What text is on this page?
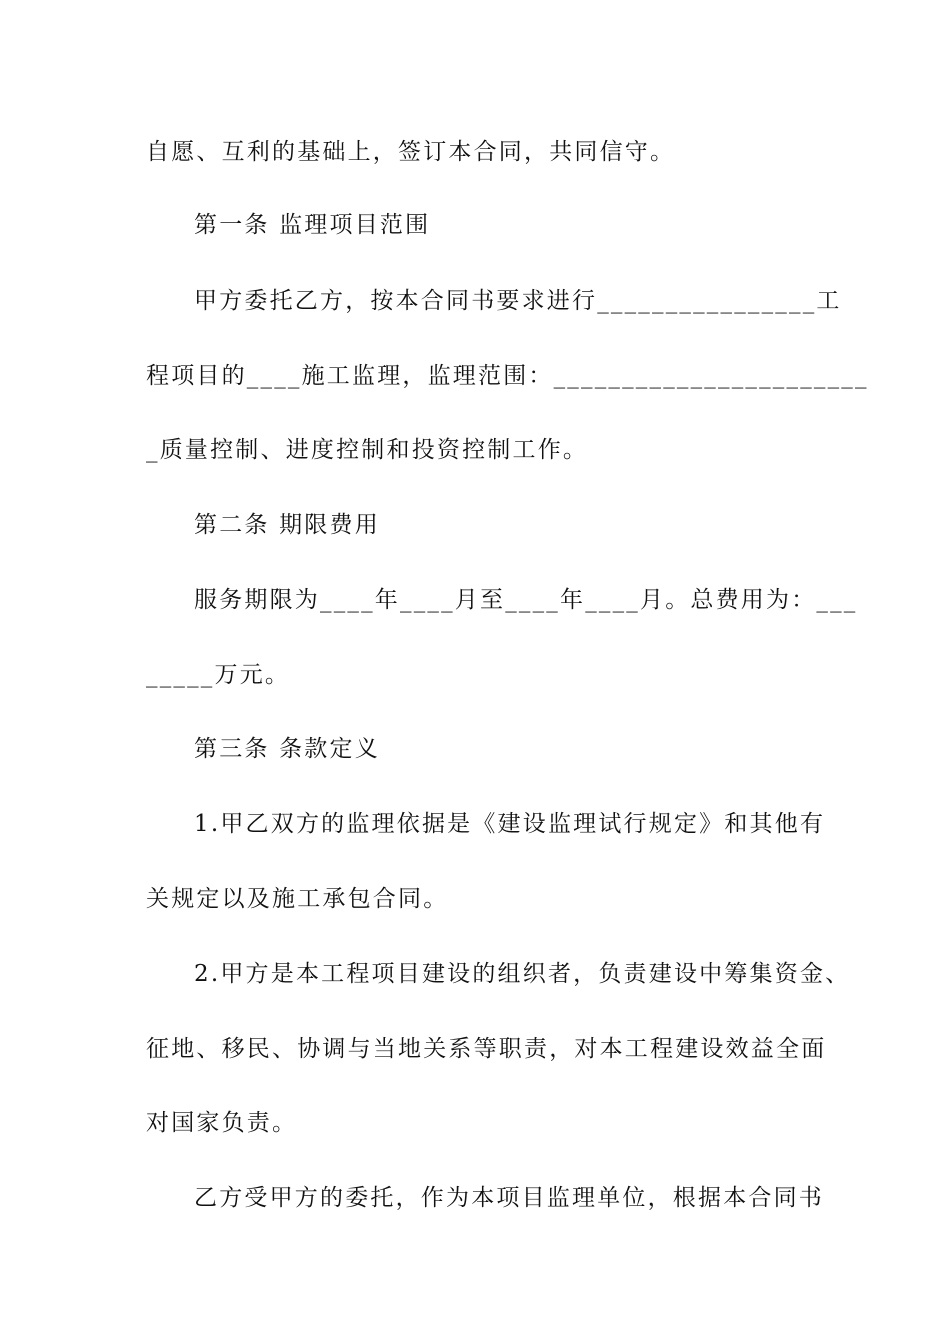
自愿、互利的基础上，签订本合同，共同信守。
第一条 监理项目范围
甲方委托乙方，按本合同书要求进行________________工
程项目的____施工监理，监理范围：_______________________
_质量控制、进度控制和投资控制工作。
第二条 期限费用
服务期限为____年____月至____年____月。总费用为：___
_____万元。
第三条 条款定义
1.甲乙双方的监理依据是《建设监理试行规定》和其他有
关规定以及施工承包合同。
2.甲方是本工程项目建设的组织者，负责建设中筹集资金、
征地、移民、协调与当地关系等职责，对本工程建设效益全面
对国家负责。
乙方受甲方的委托，作为本项目监理单位，根据本合同书
